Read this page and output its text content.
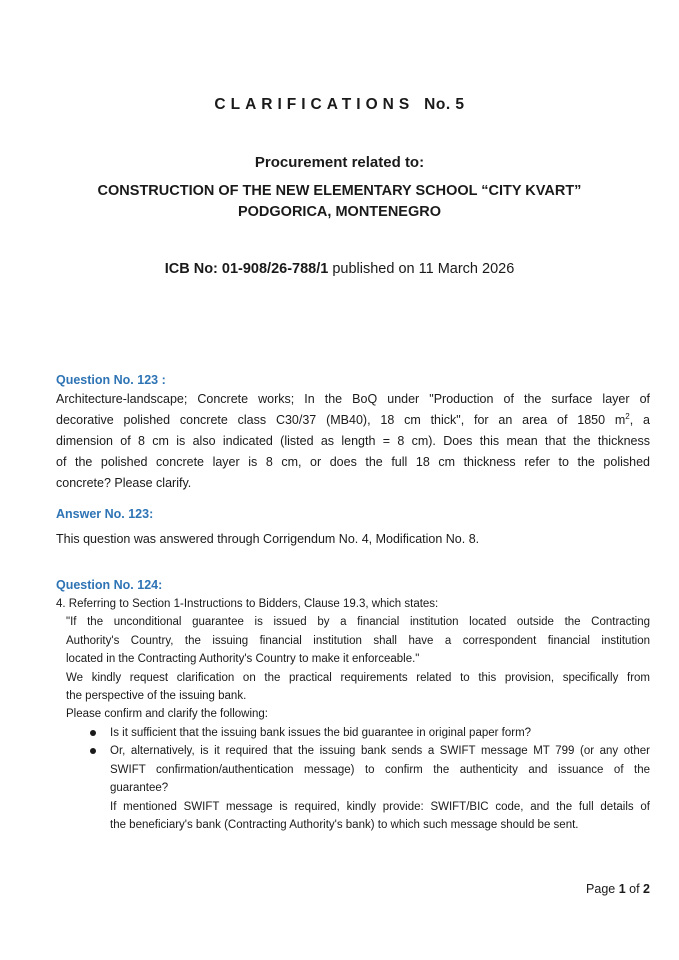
CLARIFICATIONS No. 5
Procurement related to:
CONSTRUCTION OF THE NEW ELEMENTARY SCHOOL “CITY KVART”
PODGORICA, MONTENEGRO
ICB No: 01-908/26-788/1 published on 11 March 2026
Question No. 123 :
Architecture-landscape; Concrete works; In the BoQ under "Production of the surface layer of
decorative polished concrete class C30/37 (MB40), 18 cm thick", for an area of 1850 $m^2$, a
dimension of 8 cm is also indicated (listed as length = 8 cm). Does this mean that the thickness
of the polished concrete layer is 8 cm, or does the full 18 cm thickness refer to the polished
concrete? Please clarify.
Answer No. 123:
This question was answered through Corrigendum No. 4, Modification No. 8.
Question No. 124:
4. Referring to Section 1-Instructions to Bidders, Clause 19.3, which states:
"If the unconditional guarantee is issued by a financial institution located outside the Contracting
Authority's Country, the issuing financial institution shall have a correspondent financial institution
located in the Contracting Authority's Country to make it enforceable."
We kindly request clarification on the practical requirements related to this provision, specifically from
the perspective of the issuing bank.
Please confirm and clarify the following:
Is it sufficient that the issuing bank issues the bid guarantee in original paper form?
Or, alternatively, is it required that the issuing bank sends a SWIFT message MT 799 (or any other
SWIFT confirmation/authentication message) to confirm the authenticity and issuance of the
guarantee?
If mentioned SWIFT message is required, kindly provide: SWIFT/BIC code, and the full details of
the beneficiary's bank (Contracting Authority's bank) to which such message should be sent.
Page 1 of 2
